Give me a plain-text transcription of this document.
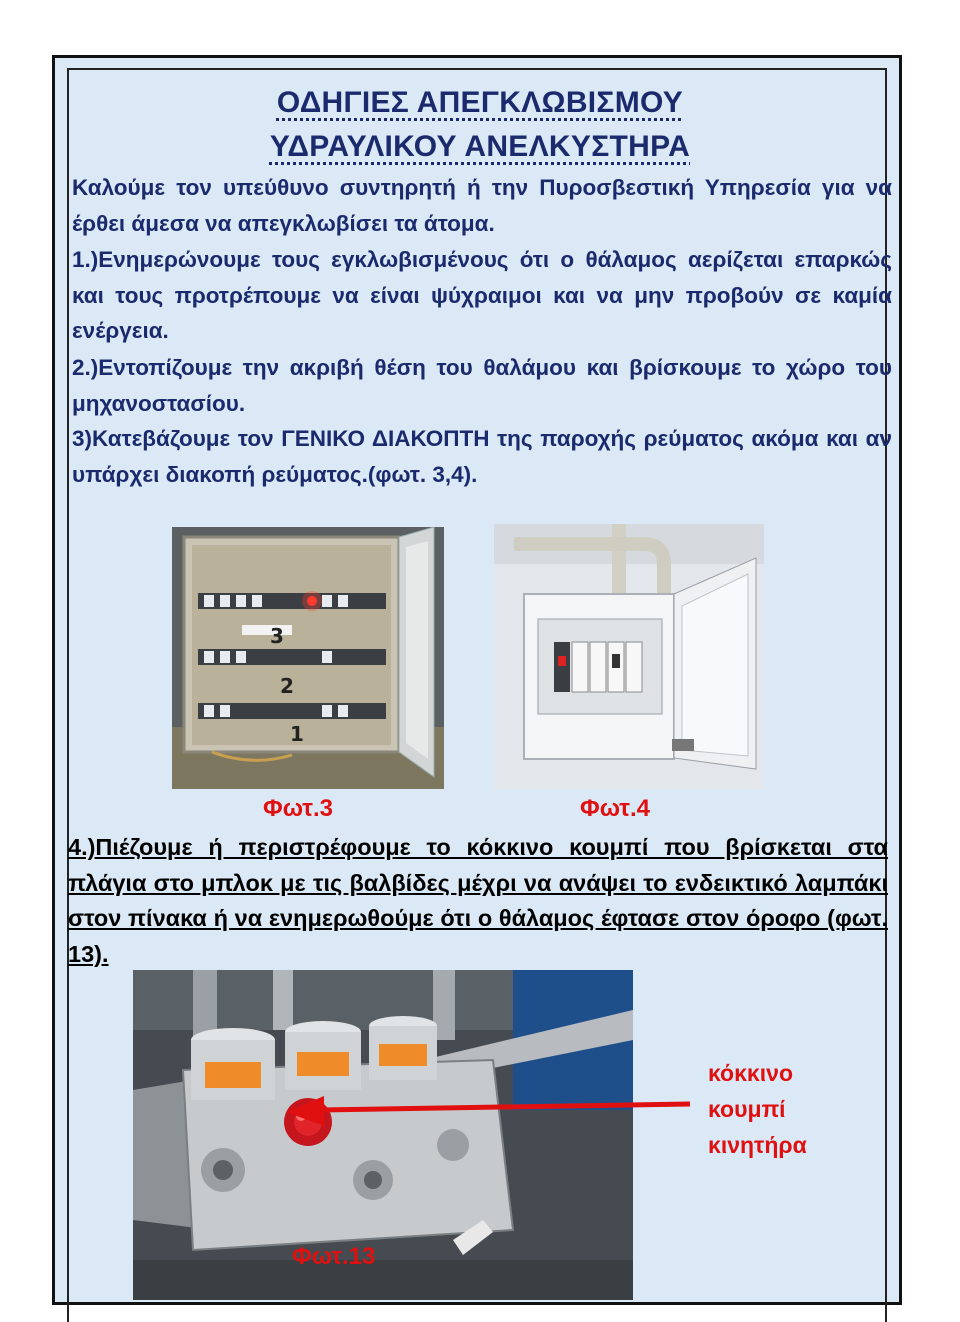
ΟΔΗΓΙΕΣ ΑΠΕΓΚΛΩΒΙΣΜΟΥ
ΥΔΡΑΥΛΙΚΟΥ ΑΝΕΛΚΥΣΤΗΡΑ
Καλούμε τον υπεύθυνο συντηρητή ή την Πυροσβεστική Υπηρεσία για να έρθει άμεσα να απεγκλωβίσει τα άτομα.
1.)Ενημερώνουμε τους εγκλωβισμένους ότι ο θάλαμος αερίζεται επαρκώς και τους προτρέπουμε να είναι ψύχραιμοι και να μην προβούν σε καμία ενέργεια.
2.)Εντοπίζουμε την ακριβή θέση του θαλάμου και βρίσκουμε το χώρο του μηχανοστασίου.
3)Κατεβάζουμε τον ΓΕΝΙΚΟ ΔΙΑΚΟΠΤΗ της παροχής ρεύματος ακόμα και αν υπάρχει διακοπή ρεύματος.(φωτ. 3,4).
3
2
1
Φωτ.3	Φωτ.4
4.)Πιέζουμε ή περιστρέφουμε το κόκκινο κουμπί που βρίσκεται στα πλάγια στο μπλοκ με τις βαλβίδες μέχρι να ανάψει το ενδεικτικό λαμπάκι στον πίνακα ή να ενημερωθούμε ότι ο θάλαμος έφτασε στον όροφο (φωτ. 13).
κόκκινο
κουμπί
κινητήρα
Φωτ.13
